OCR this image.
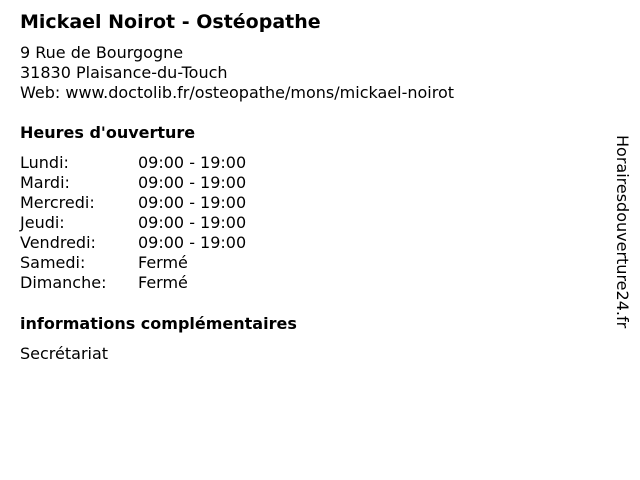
Mickael Noirot - Ostéopathe
9 Rue de Bourgogne
31830 Plaisance-du-Touch
Web: www.doctolib.fr/osteopathe/mons/mickael-noirot
Heures d'ouverture
Lundi:	09:00 - 19:00
Mardi:	09:00 - 19:00
Mercredi:	09:00 - 19:00
Jeudi:	09:00 - 19:00
Vendredi:	09:00 - 19:00
Samedi:	Fermé
Dimanche:	Fermé
informations complémentaires
Secrétariat
Horairesdouverture24.fr
